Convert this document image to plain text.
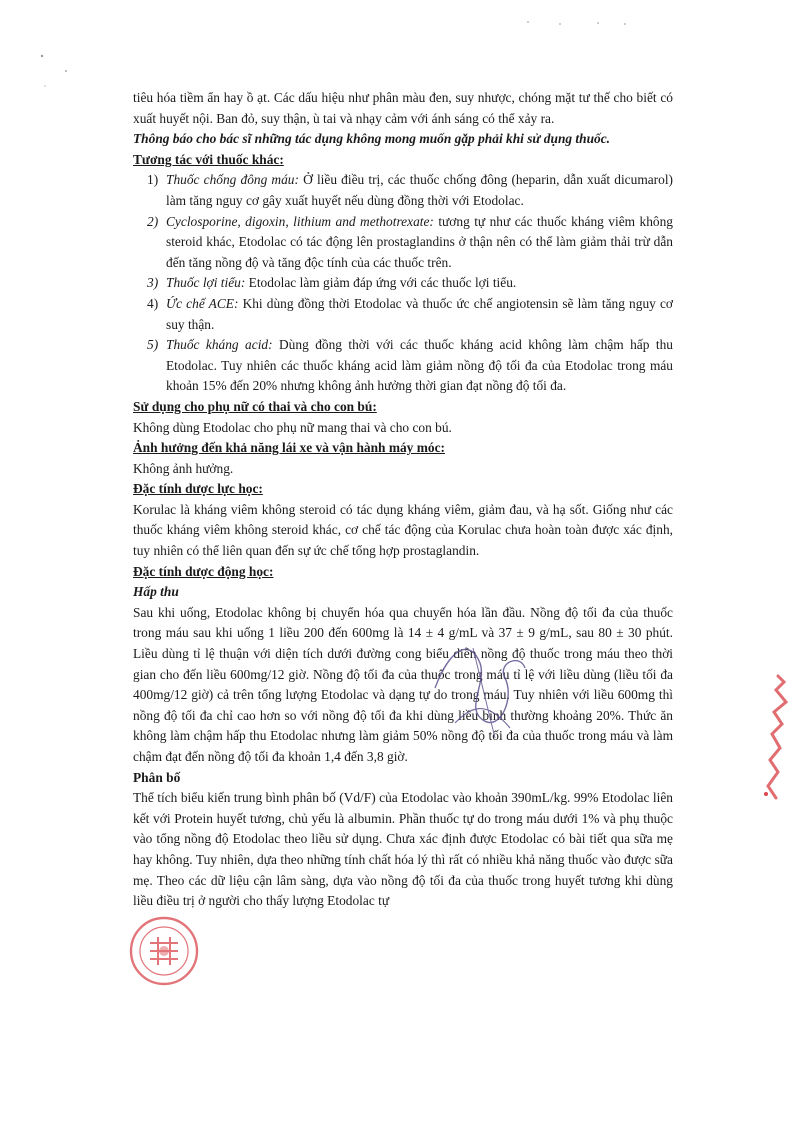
tiêu hóa tiềm ẩn hay ồ ạt. Các dấu hiệu như phân màu đen, suy nhược, chóng mặt tư thế cho biết có xuất huyết nội. Ban đỏ, suy thận, ù tai và nhạy cảm với ánh sáng có thể xảy ra.

Thông báo cho bác sĩ những tác dụng không mong muốn gặp phải khi sử dụng thuốc.

Tương tác với thuốc khác:
1) Thuốc chống đông máu: Ở liều điều trị, các thuốc chống đông (heparin, dẫn xuất dicumarol) làm tăng nguy cơ gây xuất huyết nếu dùng đồng thời với Etodolac.
2) Cyclosporine, digoxin, lithium and methotrexate: tương tự như các thuốc kháng viêm không steroid khác, Etodolac có tác động lên prostaglandins ở thận nên có thể làm giảm thải trừ dẫn đến tăng nồng độ và tăng độc tính của các thuốc trên.
3) Thuốc lợi tiểu: Etodolac làm giảm đáp ứng với các thuốc lợi tiểu.
4) Ức chế ACE: Khi dùng đồng thời Etodolac và thuốc ức chế angiotensin sẽ làm tăng nguy cơ suy thận.
5) Thuốc kháng acid: Dùng đồng thời với các thuốc kháng acid không làm chậm hấp thu Etodolac. Tuy nhiên các thuốc kháng acid làm giảm nồng độ tối đa của Etodolac trong máu khoản 15% đến 20% nhưng không ảnh hưởng thời gian đạt nồng độ tối đa.
Sử dụng cho phụ nữ có thai và cho con bú:

Không dùng Etodolac cho phụ nữ mang thai và cho con bú.

Ảnh hưởng đến khả năng lái xe và vận hành máy móc:

Không ảnh hưởng.

Đặc tính dược lực học:

Korulac là kháng viêm không steroid có tác dụng kháng viêm, giảm đau, và hạ sốt. Giống như các thuốc kháng viêm không steroid khác, cơ chế tác động của Korulac chưa hoàn toàn được xác định, tuy nhiên có thể liên quan đến sự ức chế tổng hợp prostaglandin.

Đặc tính dược động học:
Hấp thu

Sau khi uống, Etodolac không bị chuyển hóa qua chuyển hóa lần đầu. Nồng độ tối đa của thuốc trong máu sau khi uống 1 liều 200 đến 600mg là 14 ± 4 g/mL và 37 ± 9 g/mL, sau 80 ± 30 phút. Liều dùng tỉ lệ thuận với diện tích dưới đường cong biểu diễn nồng độ thuốc trong máu theo thời gian cho đến liều 600mg/12 giờ. Nồng độ tối đa của thuốc trong máu tỉ lệ với liều dùng (liều tối đa 400mg/12 giờ) cả trên tổng lượng Etodolac và dạng tự do trong máu. Tuy nhiên với liều 600mg thì nồng độ tối đa chỉ cao hơn so với nồng độ tối đa khi dùng liều bình thường khoảng 20%. Thức ăn không làm chậm hấp thu Etodolac nhưng làm giảm 50% nồng độ tối đa của thuốc trong máu và làm chậm đạt đến nồng độ tối đa khoản 1,4 đến 3,8 giờ.

Phân bố

Thể tích biểu kiến trung bình phân bố (Vd/F) của Etodolac vào khoản 390mL/kg. 99% Etodolac liên kết với Protein huyết tương, chủ yếu là albumin. Phần thuốc tự do trong máu dưới 1% và phụ thuộc vào tổng nồng độ Etodolac theo liều sử dụng. Chưa xác định được Etodolac có bài tiết qua sữa mẹ hay không. Tuy nhiên, dựa theo những tính chất hóa lý thì rất có nhiều khả năng thuốc vào được sữa mẹ. Theo các dữ liệu cận lâm sàng, dựa vào nồng độ tối đa của thuốc trong huyết tương khi dùng liều điều trị ở người cho thấy lượng Etodolac tự
